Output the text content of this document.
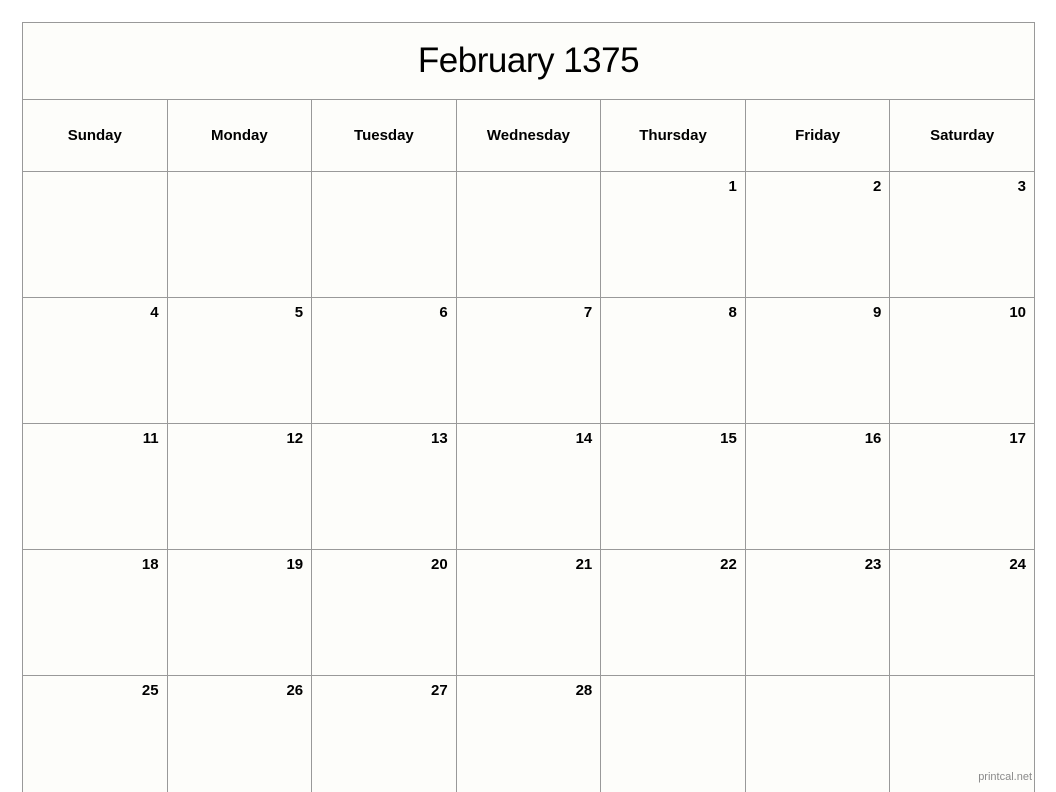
February 1375						
Sunday	Monday	Tuesday	Wednesday	Thursday	Friday	Saturday
				1	2	3
4	5	6	7	8	9	10
11	12	13	14	15	16	17
18	19	20	21	22	23	24
25	26	27	28			
printcal.net
